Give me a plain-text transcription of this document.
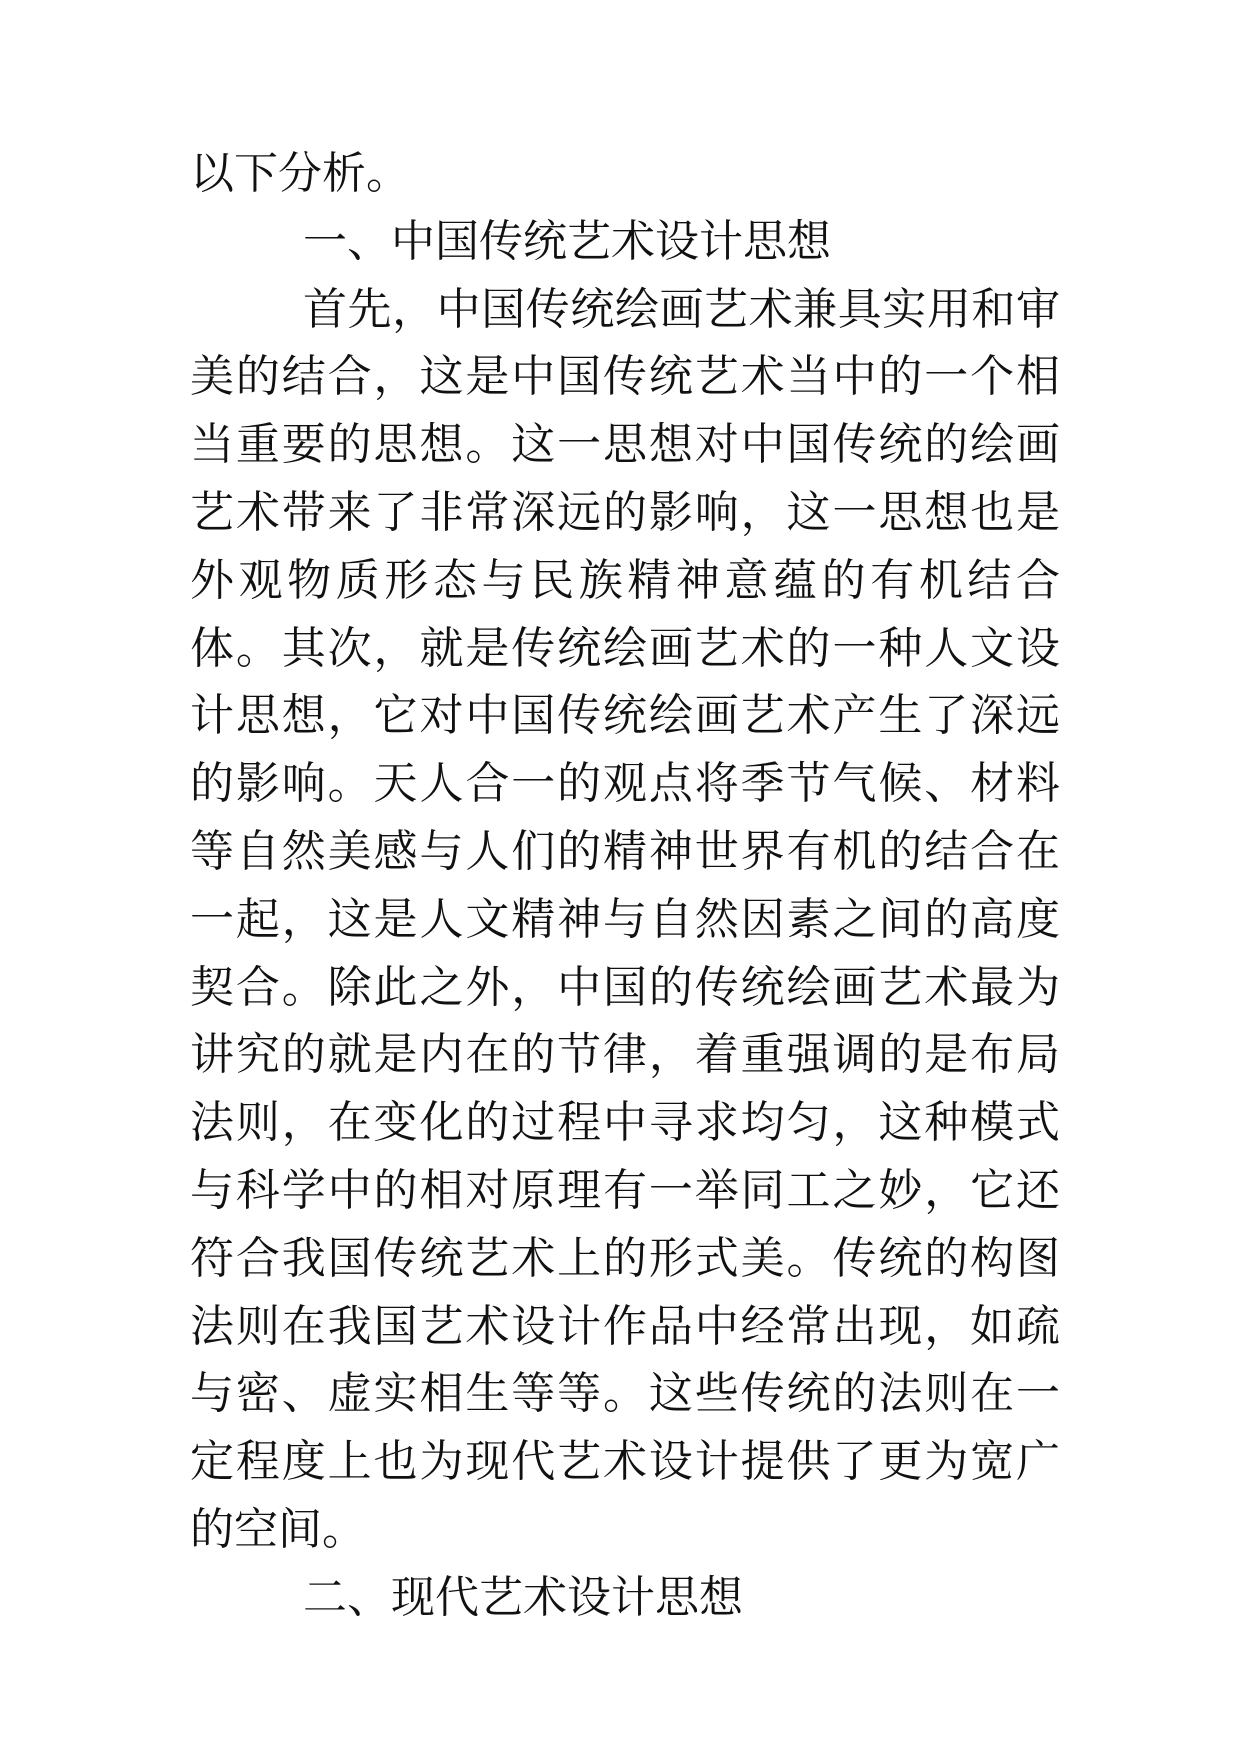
以下分析。

一、中国传统艺术设计思想

首先，中国传统绘画艺术兼具实用和审美的结合，这是中国传统艺术当中的一个相当重要的思想。这一思想对中国传统的绘画艺术带来了非常深远的影响，这一思想也是外观物质形态与民族精神意蕴的有机结合体。其次，就是传统绘画艺术的一种人文设计思想，它对中国传统绘画艺术产生了深远的影响。天人合一的观点将季节气候、材料等自然美感与人们的精神世界有机的结合在一起，这是人文精神与自然因素之间的高度契合。除此之外，中国的传统绘画艺术最为讲究的就是内在的节律，着重强调的是布局法则，在变化的过程中寻求均匀，这种模式与科学中的相对原理有一举同工之妙，它还符合我国传统艺术上的形式美。传统的构图法则在我国艺术设计作品中经常出现，如疏与密、虚实相生等等。这些传统的法则在一定程度上也为现代艺术设计提供了更为宽广的空间。

二、现代艺术设计思想
